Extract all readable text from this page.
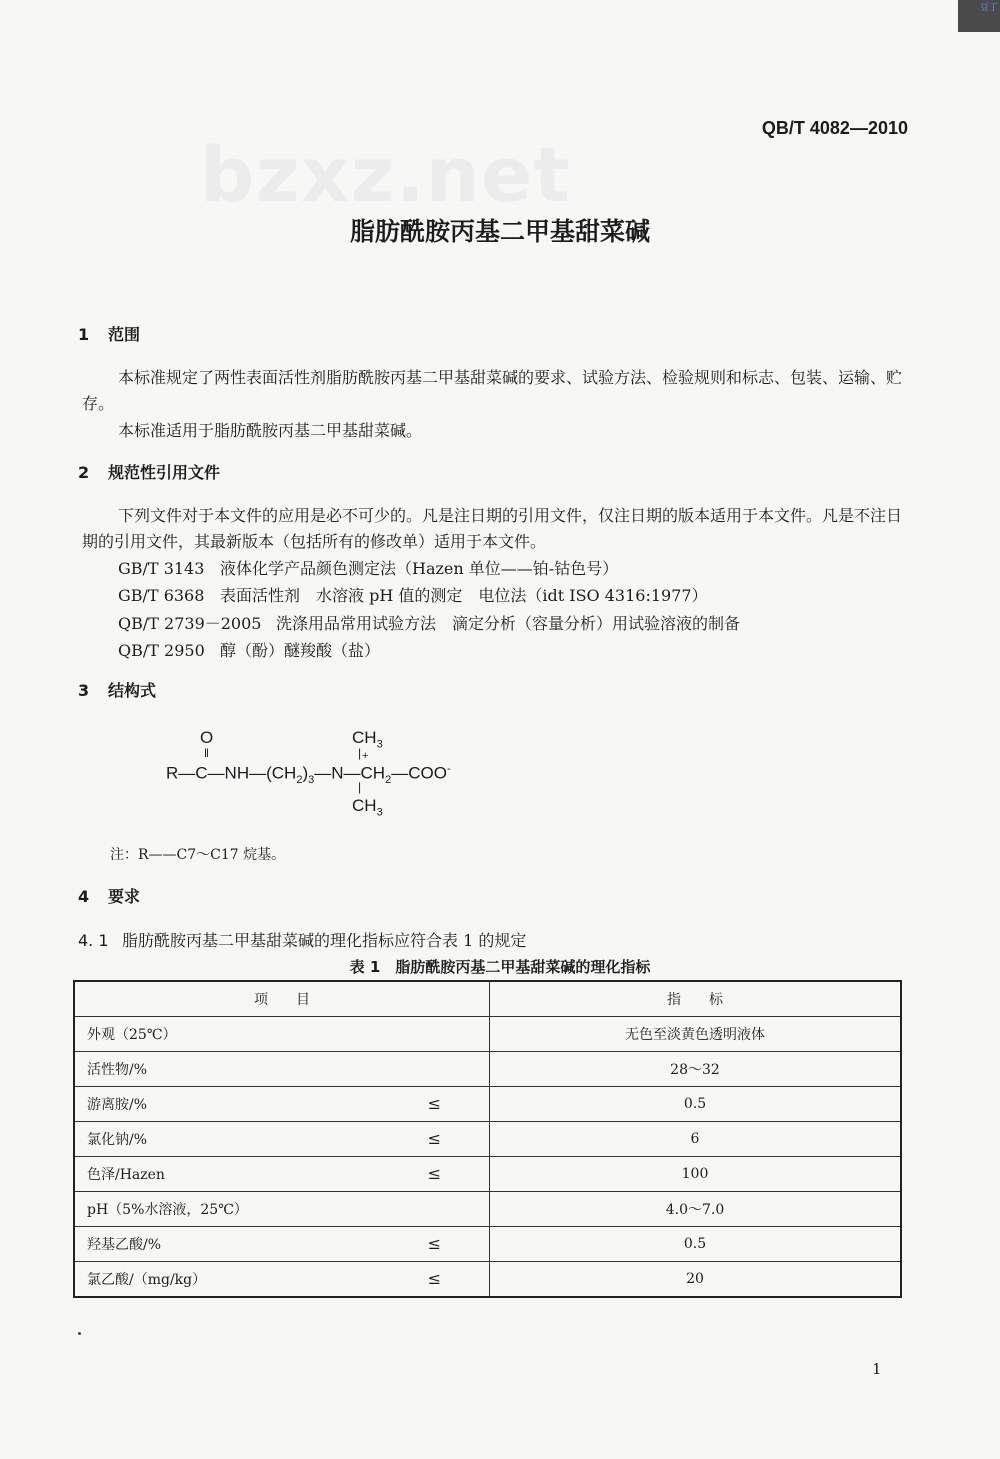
豆丁
bzxz.net
QB/T 4082—2010
脂肪酰胺丙基二甲基甜菜碱
1 范围
本标准规定了两性表面活性剂脂肪酰胺丙基二甲基甜菜碱的要求、试验方法、检验规则和标志、包装、运输、贮存。
本标准适用于脂肪酰胺丙基二甲基甜菜碱。
2 规范性引用文件
下列文件对于本文件的应用是必不可少的。凡是注日期的引用文件，仅注日期的版本适用于本文件。凡是不注日期的引用文件，其最新版本（包括所有的修改单）适用于本文件。
GB/T 3143 液体化学产品颜色测定法（Hazen 单位——铂-钴色号）
GB/T 6368 表面活性剂　水溶液 pH 值的测定　电位法（idt ISO 4316:1977）
QB/T 2739－2005 洗涤用品常用试验方法　滴定分析（容量分析）用试验溶液的制备
QB/T 2950 醇（酚）醚羧酸（盐）
3 结构式
O
‖
$CH_3$
| +
$R—C—NH—(CH_2)_3—N—CH_2—COO^-$
|
$CH_3$
注：R——C7～C17 烷基。
4 要求
4. 1 脂肪酰胺丙基二甲基甜菜碱的理化指标应符合表 1 的规定
表 1　脂肪酰胺丙基二甲基甜菜碱的理化指标
项　　目	指　　标
外观（25℃）	无色至淡黄色透明液体
活性物/%	28～32
游离胺/% ≤	0.5
氯化钠/% ≤	6
色泽/Hazen ≤	100
pH（5%水溶液，25℃）	4.0～7.0
羟基乙酸/% ≤	0.5
氯乙酸/（mg/kg） ≤	20
1
